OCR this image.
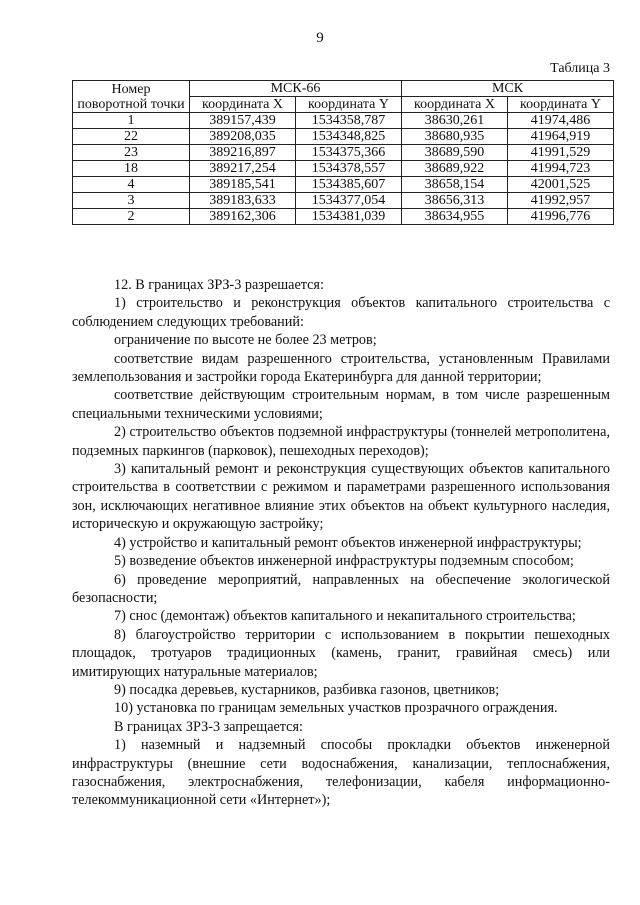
9
Таблица 3
Номер поворотной точки	МСК-66		МСК	
	координата X	координата Y	координата X	координата Y
1	389157,439	1534358,787	38630,261	41974,486
22	389208,035	1534348,825	38680,935	41964,919
23	389216,897	1534375,366	38689,590	41991,529
18	389217,254	1534378,557	38689,922	41994,723
4	389185,541	1534385,607	38658,154	42001,525
3	389183,633	1534377,054	38656,313	41992,957
2	389162,306	1534381,039	38634,955	41996,776

12. В границах ЗРЗ-3 разрешается:

1) строительство и реконструкция объектов капитального строительства с соблюдением следующих требований:

ограничение по высоте не более 23 метров;

соответствие видам разрешенного строительства, установленным Правилами землепользования и застройки города Екатеринбурга для данной территории;

соответствие действующим строительным нормам, в том числе разрешенным специальными техническими условиями;

2) строительство объектов подземной инфраструктуры (тоннелей метрополитена, подземных паркингов (парковок), пешеходных переходов);

3) капитальный ремонт и реконструкция существующих объектов капитального строительства в соответствии с режимом и параметрами разрешенного использования зон, исключающих негативное влияние этих объектов на объект культурного наследия, историческую и окружающую застройку;

4) устройство и капитальный ремонт объектов инженерной инфраструктуры;

5) возведение объектов инженерной инфраструктуры подземным способом;

6) проведение мероприятий, направленных на обеспечение экологической безопасности;

7) снос (демонтаж) объектов капитального и некапитального строительства;

8) благоустройство территории с использованием в покрытии пешеходных площадок, тротуаров традиционных (камень, гранит, гравийная смесь) или имитирующих натуральные материалов;

9) посадка деревьев, кустарников, разбивка газонов, цветников;

10) установка по границам земельных участков прозрачного ограждения.

В границах ЗРЗ-3 запрещается:

1) наземный и надземный способы прокладки объектов инженерной инфраструктуры (внешние сети водоснабжения, канализации, теплоснабжения, газоснабжения, электроснабжения, телефонизации, кабеля информационно-телекоммуникационной сети «Интернет»);
